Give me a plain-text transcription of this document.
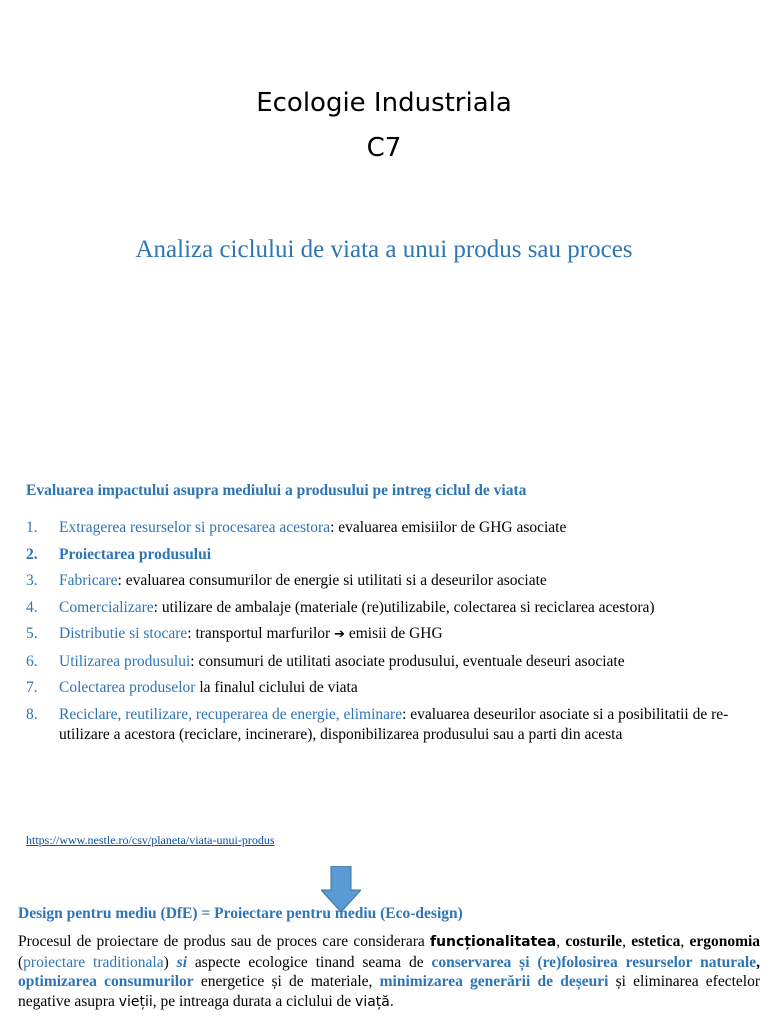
Ecologie Industriala
C7
Analiza ciclului de viata a unui produs sau proces
Evaluarea impactului asupra mediului a produsului pe intreg ciclul de viata
1.	Extragerea resurselor si procesarea acestora: evaluarea emisiilor de GHG asociate
2.	Proiectarea produsului
3.	Fabricare: evaluarea consumurilor de energie si utilitati si a deseurilor asociate
4.	Comercializare: utilizare de ambalaje (materiale (re)utilizabile, colectarea si reciclarea acestora)
5.	Distributie si stocare: transportul marfurilor ➔ emisii de GHG
6.	Utilizarea produsului: consumuri de utilitati asociate produsului, eventuale deseuri asociate
7.	Colectarea produselor la finalul ciclului de viata
8.	Reciclare, reutilizare, recuperarea de energie, eliminare: evaluarea deseurilor asociate si a posibilitatii de re-utilizare a acestora (reciclare, incinerare), disponibilizarea produsului sau a parti din acesta
https://www.nestle.ro/csv/planeta/viata-unui-produs
Design pentru mediu (DfE) = Proiectare pentru mediu (Eco-design)

Procesul de proiectare de produs sau de proces care considerara funcționalitatea, costurile, estetica, ergonomia (proiectare traditionala) si aspecte ecologice tinand seama de conservarea și (re)folosirea resurselor naturale, optimizarea consumurilor energetice și de materiale, minimizarea generării de deșeuri și eliminarea efectelor negative asupra vieții, pe intreaga durata a ciclului de viață.
